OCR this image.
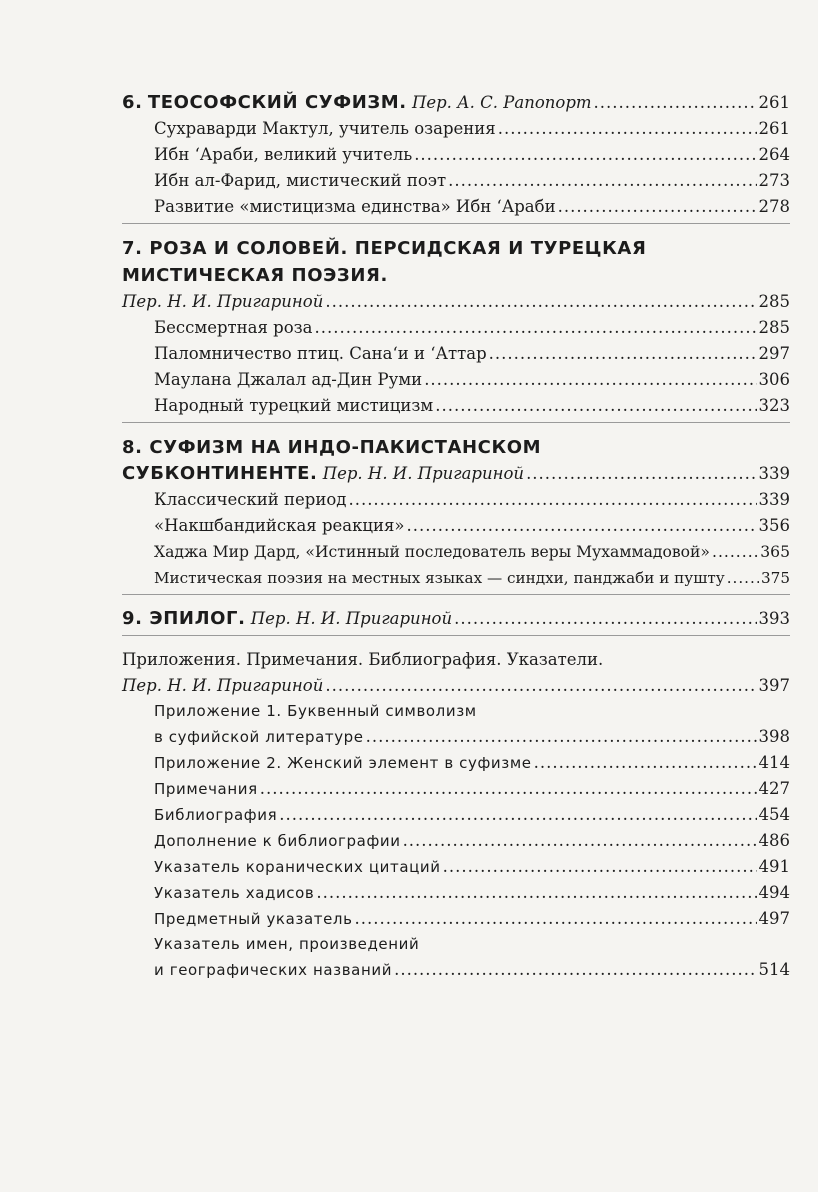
6. ТЕОСОФСКИЙ СУФИЗМ. Пер. А. С. Рапопорт .....	261
Сухраварди Мактул, учитель озарения .....	261
Ибн ‘Араби, великий учитель .....	264
Ибн ал-Фарид, мистический поэт .....	273
Развитие «мистицизма единства» Ибн ‘Араби .....	278
7. РОЗА И СОЛОВЕЙ. ПЕРСИДСКАЯ И ТУРЕЦКАЯ
МИСТИЧЕСКАЯ ПОЭЗИЯ.
Пер. Н. И. Пригариной .....	285
Бессмертная роза .....	285
Паломничество птиц. Сана‘и и ‘Аттар .....	297
Маулана Джалал ад-Дин Руми .....	306
Народный турецкий мистицизм .....	323
8. СУФИЗМ НА ИНДО-ПАКИСТАНСКОМ
СУБКОНТИНЕНТЕ. Пер. Н. И. Пригариной .....	339
Классический период .....	339
«Накшбандийская реакция» .....	356
Хаджа Мир Дард, «Истинный последователь веры Мухаммадовой» .....	365
Мистическая поэзия на местных языках — синдхи, панджаби и пушту ..... 375
9. ЭПИЛОГ. Пер. Н. И. Пригариной .....	393
Приложения. Примечания. Библиография. Указатели.
Пер. Н. И. Пригариной .....	397
Приложение 1. Буквенный символизм
в суфийской литературе .....	398
Приложение 2. Женский элемент в суфизме .....	414
Примечания .....	427
Библиография .....	454
Дополнение к библиографии .....	486
Указатель коранических цитаций .....	491
Указатель хадисов .....	494
Предметный указатель .....	497
Указатель имен, произведений
и географических названий .....	514
